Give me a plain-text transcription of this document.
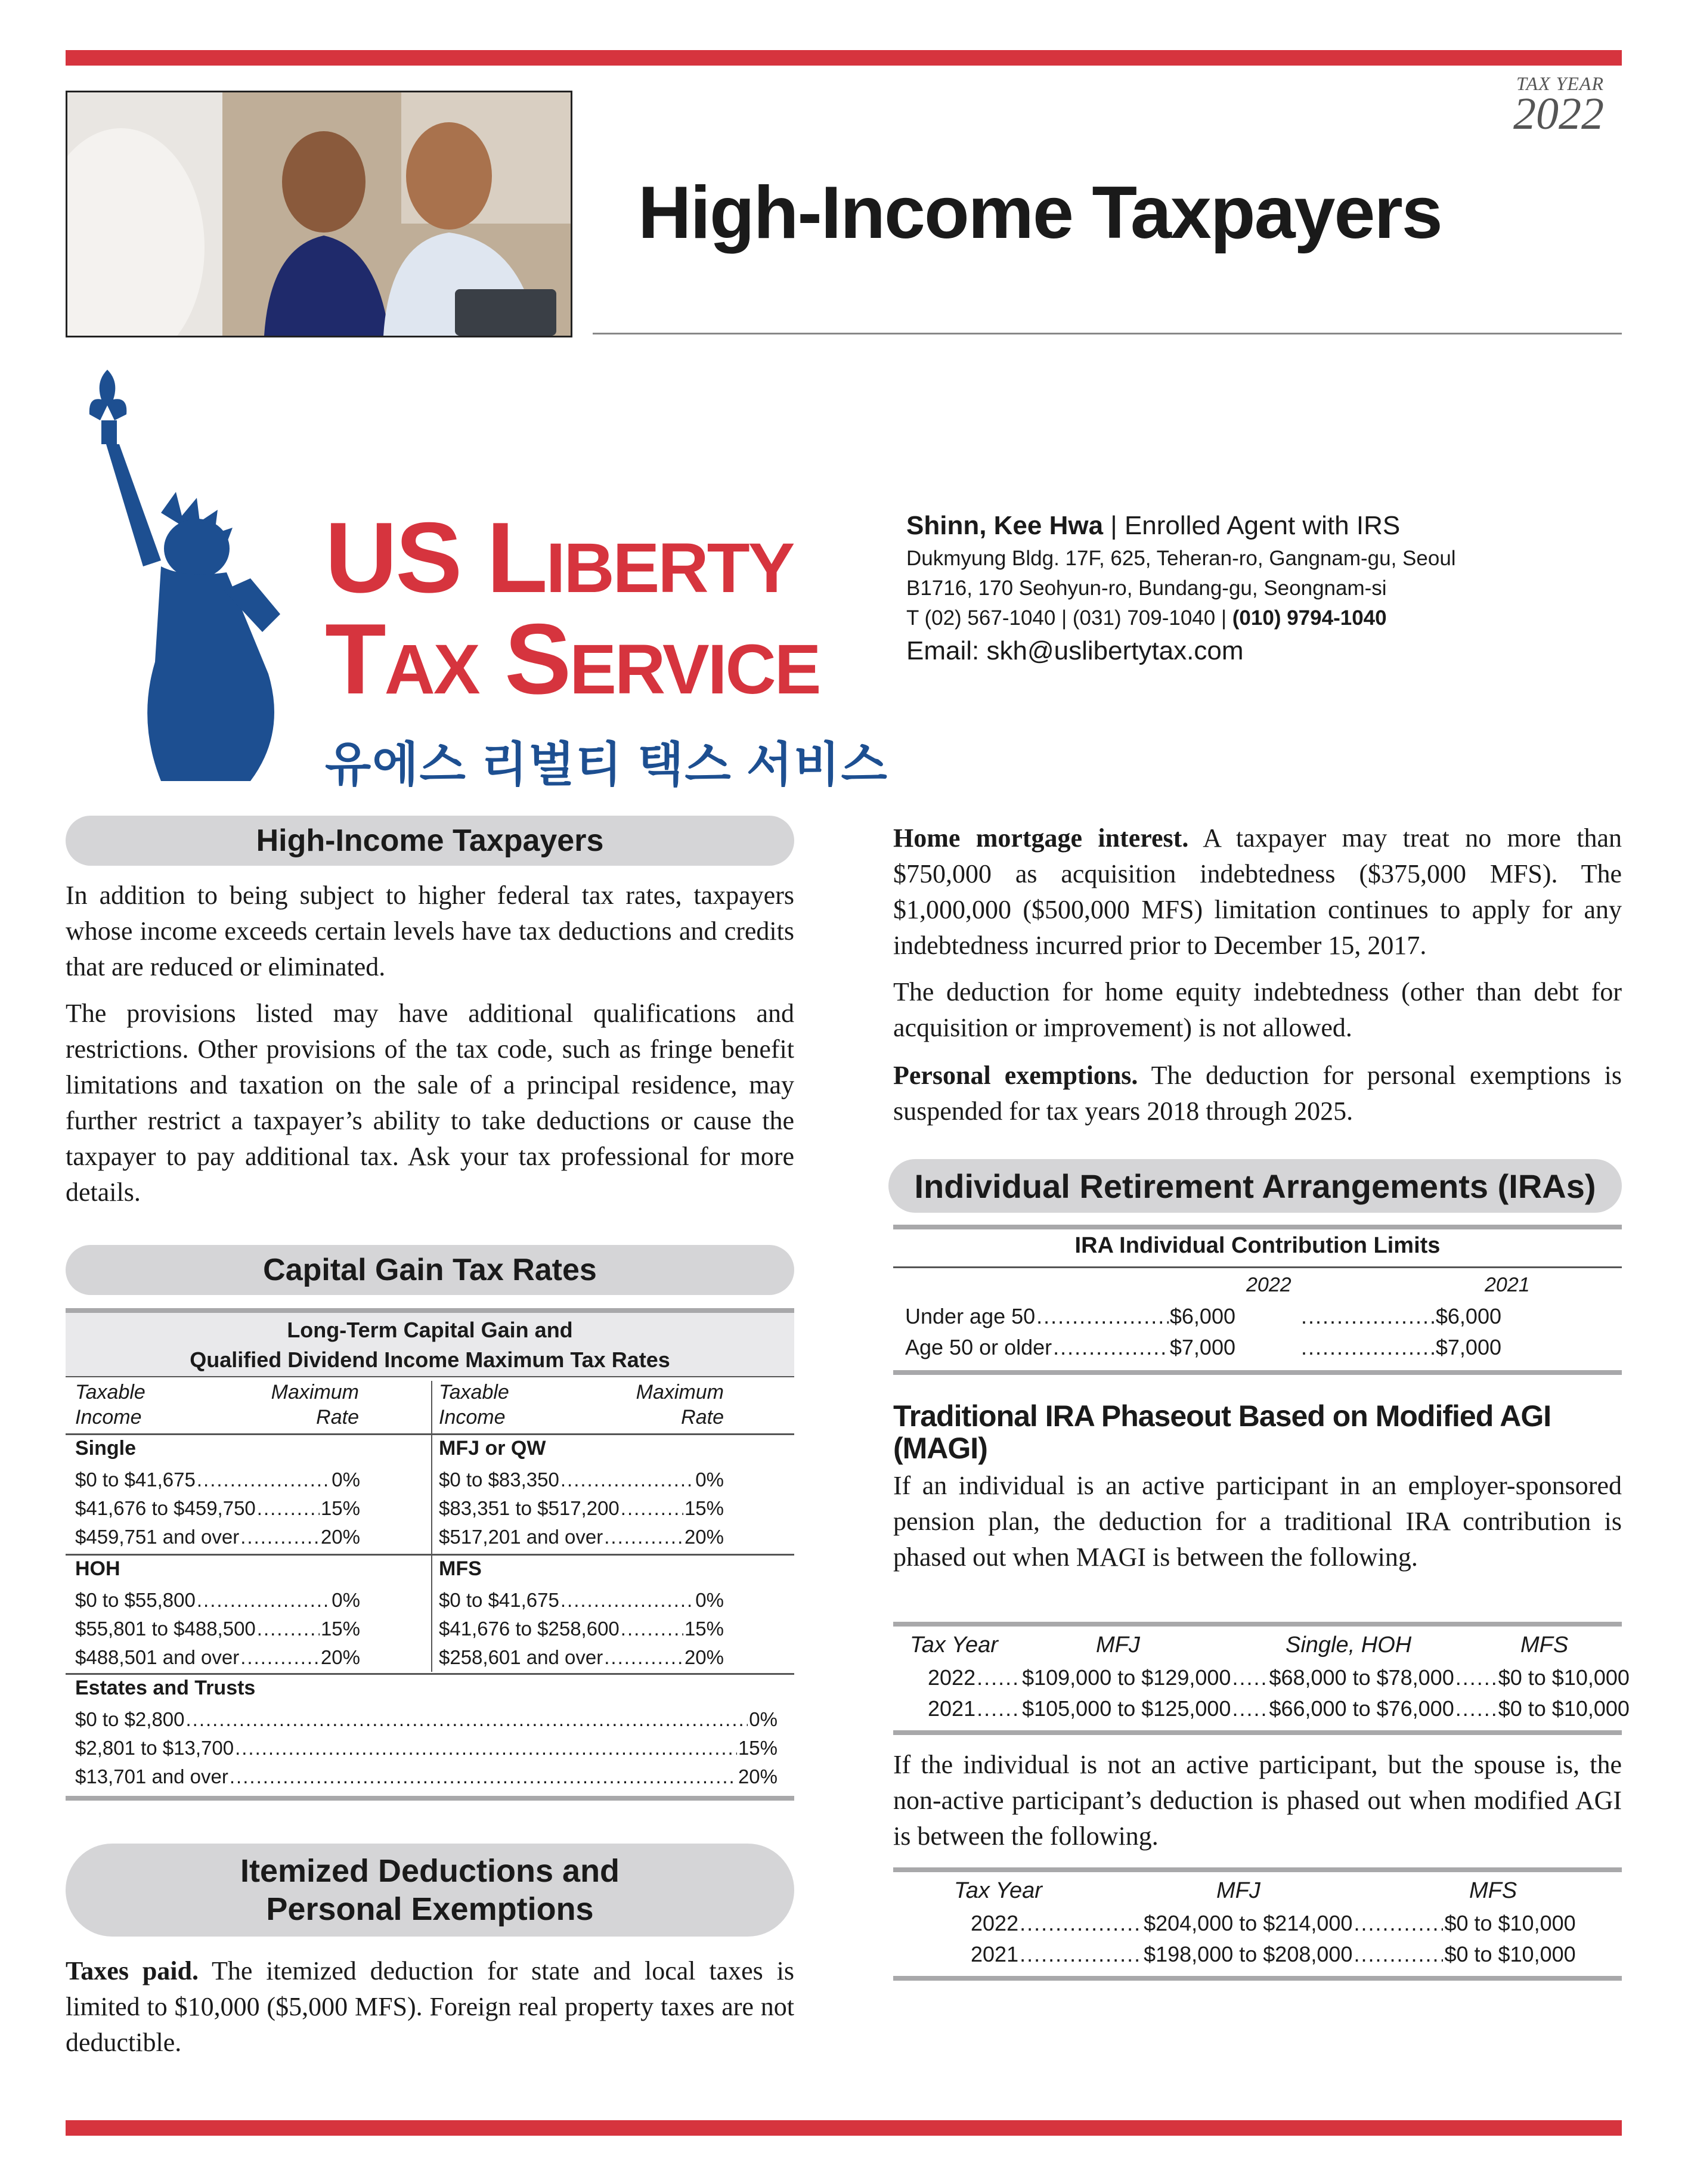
TAX YEAR
2022
High-Income Taxpayers
US Liberty
Tax Service
유에스 리벌티 택스 서비스
Shinn, Kee Hwa | Enrolled Agent with IRS
Dukmyung Bldg. 17F, 625, Teheran-ro, Gangnam-gu, Seoul
B1716, 170 Seohyun-ro, Bundang-gu, Seongnam-si
T (02) 567-1040 | (031) 709-1040 | (010) 9794-1040
Email: skh@uslibertytax.com
High-Income Taxpayers

In addition to being subject to higher federal tax rates, taxpayers whose income exceeds certain levels have tax deductions and credits that are reduced or eliminated.

The provisions listed may have additional qualifications and restrictions. Other provisions of the tax code, such as fringe benefit limitations and taxation on the sale of a principal residence, may further restrict a taxpayer’s ability to take deductions or cause the taxpayer to pay additional tax. Ask your tax professional for more details.

Capital Gain Tax Rates
Long-Term Capital Gain and
Qualified Dividend Income Maximum Tax Rates
Taxable
Income
Maximum
Rate
Taxable
Income
Maximum
Rate
Single
$0 to $41,675 .....	0%
$41,676 to $459,750 .....	15%
$459,751 and over .....	20%
MFJ or QW
$0 to $83,350 .....	0%
$83,351 to $517,200 .....	15%
$517,201 and over .....	20%
HOH
$0 to $55,800 .....	0%
$55,801 to $488,500 .....	15%
$488,501 and over .....	20%
MFS
$0 to $41,675 .....	0%
$41,676 to $258,600 .....	15%
$258,601 and over .....	20%
Estates and Trusts
$0 to $2,800 .....	0%
$2,801 to $13,700 .....	15%
$13,701 and over .....	20%
Itemized Deductions and
Personal Exemptions

Taxes paid. The itemized deduction for state and local taxes is limited to $10,000 ($5,000 MFS). Foreign real property taxes are not deductible.

Home mortgage interest. A taxpayer may treat no more than $750,000 as acquisition indebtedness ($375,000 MFS). The $1,000,000 ($500,000 MFS) limitation continues to apply for any indebtedness incurred prior to December 15, 2017.

The deduction for home equity indebtedness (other than debt for acquisition or improvement) is not allowed.

Personal exemptions. The deduction for personal exemptions is suspended for tax years 2018 through 2025.

Individual Retirement Arrangements (IRAs)
IRA Individual Contribution Limits
2022	2021
Under age 50 .....	$6,000 .....	$6,000
Age 50 or older .....	$7,000 .....	$7,000
Traditional IRA Phaseout Based on Modified AGI (MAGI)

If an individual is an active participant in an employer-sponsored pension plan, the deduction for a traditional IRA contribution is phased out when MAGI is between the following.

Tax Year	MFJ	Single, HOH	MFS
2022 ..... $109,000 to $129,000 ..... $68,000 to $78,000 ..... $0 to $10,000
2021 ..... $105,000 to $125,000 ..... $66,000 to $76,000 ..... $0 to $10,000

If the individual is not an active participant, but the spouse is, the non-active participant’s deduction is phased out when modified AGI is between the following.

Tax Year	MFJ	MFS
2022 .....	$204,000 to $214,000 .....	$0 to $10,000
2021 .....	$198,000 to $208,000 .....	$0 to $10,000
